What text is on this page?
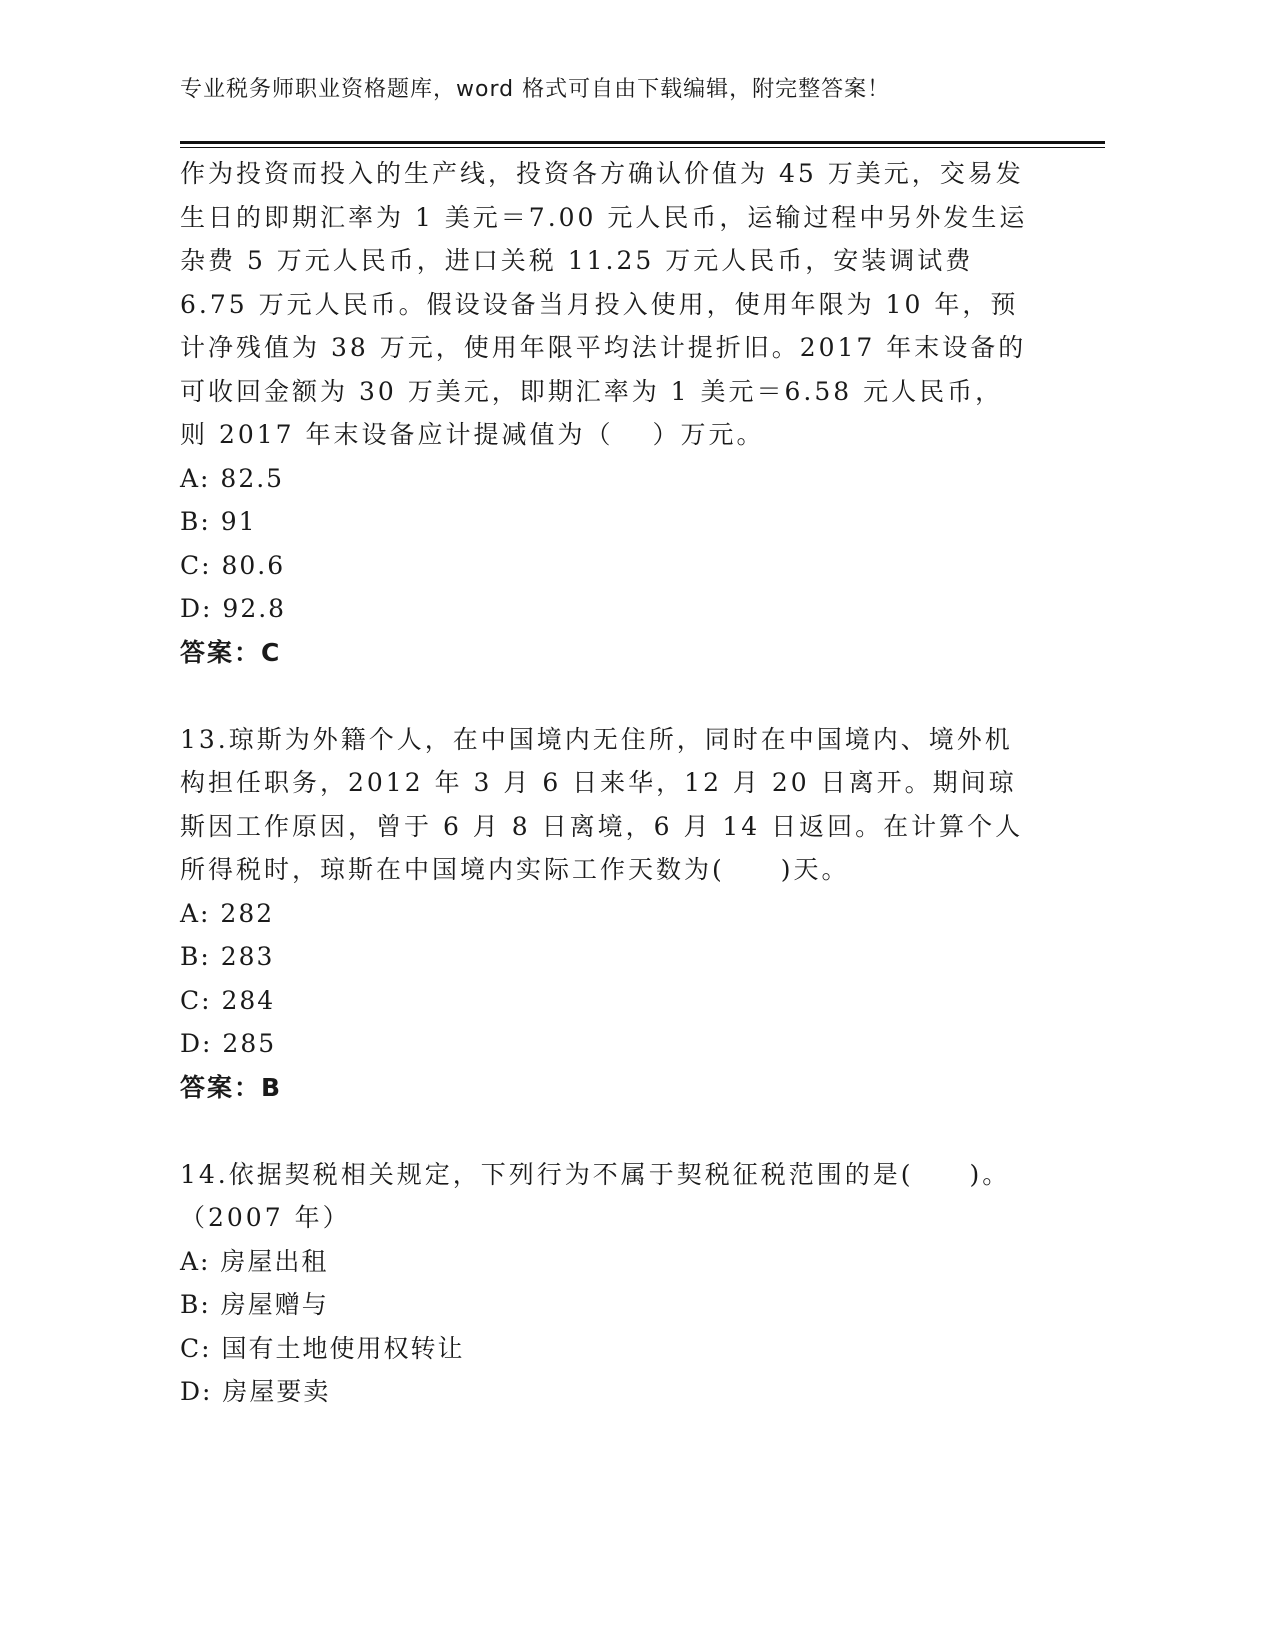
专业税务师职业资格题库，word 格式可自由下载编辑，附完整答案！

作为投资而投入的生产线，投资各方确认价值为 45 万美元，交易发生日的即期汇率为 1 美元＝7.00 元人民币，运输过程中另外发生运杂费 5 万元人民币，进口关税 11.25 万元人民币，安装调试费 6.75 万元人民币。假设设备当月投入使用，使用年限为 10 年，预计净残值为 38 万元，使用年限平均法计提折旧。2017 年末设备的可收回金额为 30 万美元，即期汇率为 1 美元＝6.58 元人民币，则 2017 年末设备应计提减值为（　 ）万元。

A: 82.5

B: 91

C: 80.6

D: 92.8

答案：C

13.琼斯为外籍个人，在中国境内无住所，同时在中国境内、境外机构担任职务，2012 年 3 月 6 日来华，12 月 20 日离开。期间琼斯因工作原因，曾于 6 月 8 日离境，6 月 14 日返回。在计算个人所得税时，琼斯在中国境内实际工作天数为(　　)天。

A: 282

B: 283

C: 284

D: 285

答案：B

14.依据契税相关规定，下列行为不属于契税征税范围的是(　　)。（2007 年）

A: 房屋出租

B: 房屋赠与

C: 国有土地使用权转让

D: 房屋要卖
